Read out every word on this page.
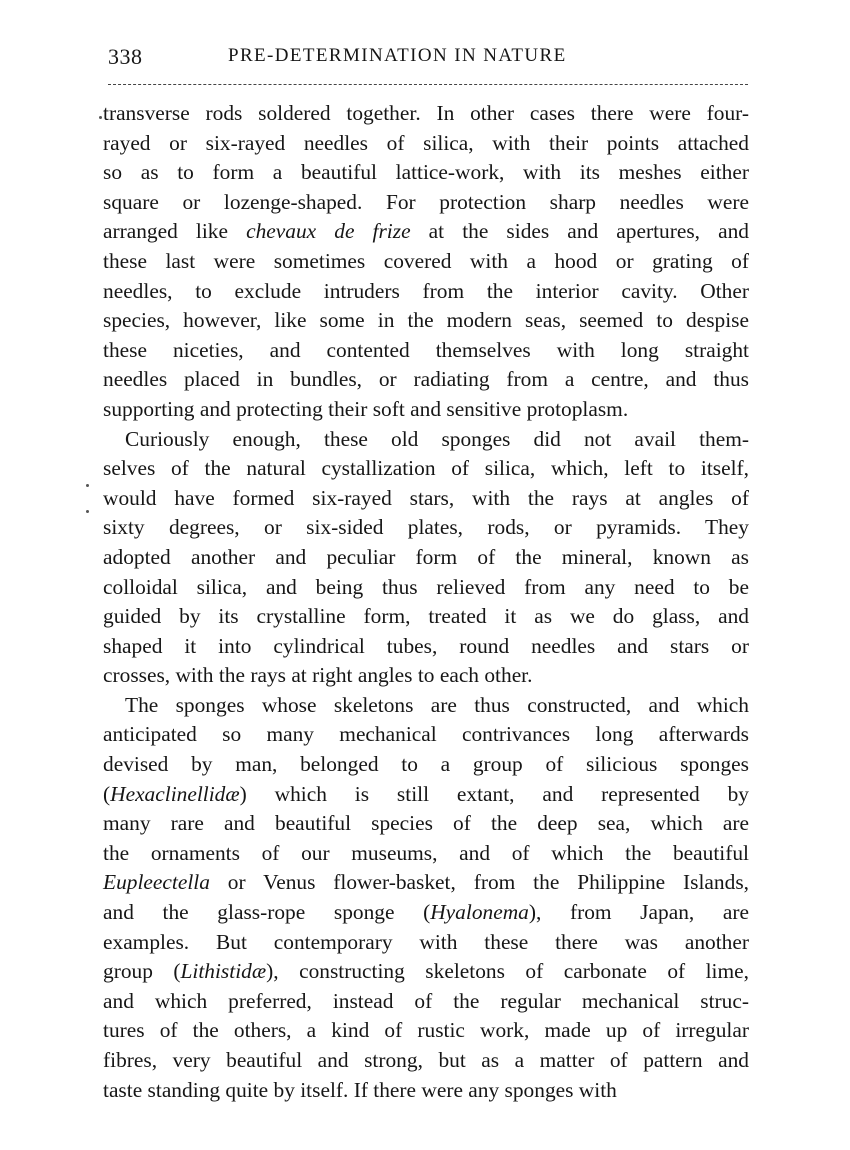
338	PRE-DETERMINATION IN NATURE

transverse rods soldered together. In other cases there were four-

rayed or six-rayed needles of silica, with their points attached

so as to form a beautiful lattice-work, with its meshes either

square or lozenge-shaped. For protection sharp needles were

arranged like chevaux de frize at the sides and apertures, and

these last were sometimes covered with a hood or grating of

needles, to exclude intruders from the interior cavity. Other

species, however, like some in the modern seas, seemed to despise

these niceties, and contented themselves with long straight

needles placed in bundles, or radiating from a centre, and thus

supporting and protecting their soft and sensitive protoplasm.

Curiously enough, these old sponges did not avail them-

selves of the natural cystallization of silica, which, left to itself,

would have formed six-rayed stars, with the rays at angles of

sixty degrees, or six-sided plates, rods, or pyramids. They

adopted another and peculiar form of the mineral, known as

colloidal silica, and being thus relieved from any need to be

guided by its crystalline form, treated it as we do glass, and

shaped it into cylindrical tubes, round needles and stars or

crosses, with the rays at right angles to each other.

The sponges whose skeletons are thus constructed, and which

anticipated so many mechanical contrivances long afterwards

devised by man, belonged to a group of silicious sponges

(Hexaclinellidæ) which is still extant, and represented by

many rare and beautiful species of the deep sea, which are

the ornaments of our museums, and of which the beautiful

Eupleectella or Venus flower-basket, from the Philippine Islands,

and the glass-rope sponge (Hyalonema), from Japan, are

examples. But contemporary with these there was another

group (Lithistidæ), constructing skeletons of carbonate of lime,

and which preferred, instead of the regular mechanical struc-

tures of the others, a kind of rustic work, made up of irregular

fibres, very beautiful and strong, but as a matter of pattern and

taste standing quite by itself. If there were any sponges with
